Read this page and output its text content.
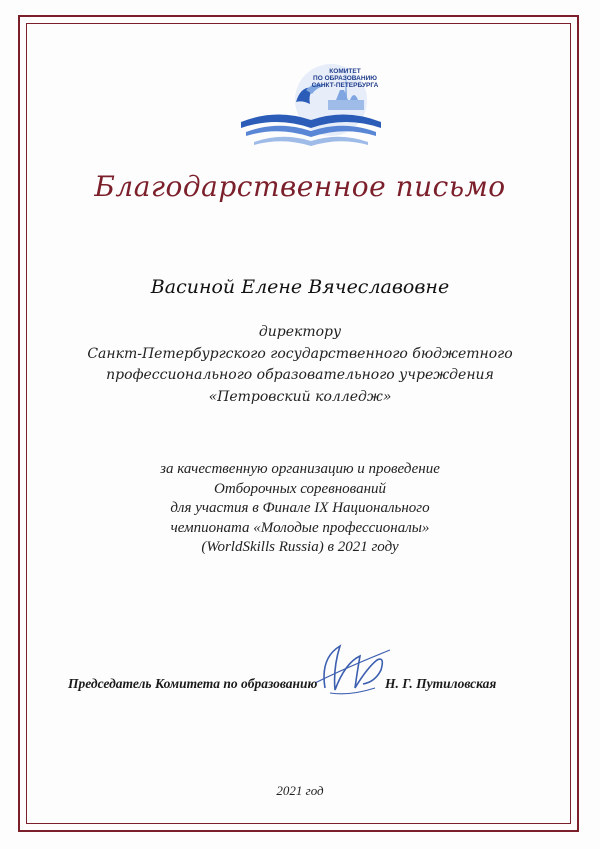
КОМИТЕТ
ПО ОБРАЗОВАНИЮ
САНКТ-ПЕТЕРБУРГА
Благодарственное письмо
Васиной Елене Вячеславовне
директору
Санкт-Петербургского государственного бюджетного
профессионального образовательного учреждения
«Петровский колледж»
за качественную организацию и проведение
Отборочных соревнований
для участия в Финале IX Национального
чемпионата «Молодые профессионалы»
(WorldSkills Russia) в 2021 году
Председатель Комитета по образованию	Н. Г. Путиловская
2021 год
